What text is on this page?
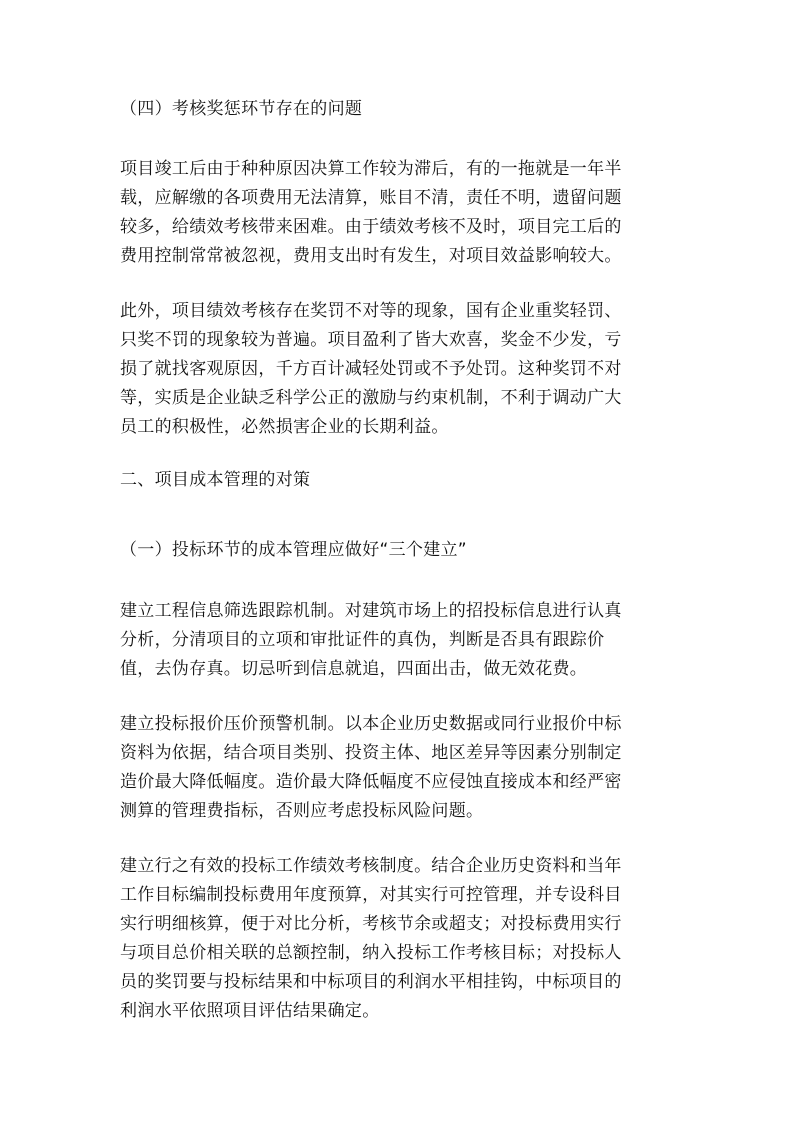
（四）考核奖惩环节存在的问题
项目竣工后由于种种原因决算工作较为滞后，有的一拖就是一年半
载，应解缴的各项费用无法清算，账目不清，责任不明，遗留问题
较多，给绩效考核带来困难。由于绩效考核不及时，项目完工后的
费用控制常常被忽视，费用支出时有发生，对项目效益影响较大。
此外，项目绩效考核存在奖罚不对等的现象，国有企业重奖轻罚、
只奖不罚的现象较为普遍。项目盈利了皆大欢喜，奖金不少发，亏
损了就找客观原因，千方百计减轻处罚或不予处罚。这种奖罚不对
等，实质是企业缺乏科学公正的激励与约束机制，不利于调动广大
员工的积极性，必然损害企业的长期利益。
二、项目成本管理的对策
（一）投标环节的成本管理应做好“三个建立”
建立工程信息筛选跟踪机制。对建筑市场上的招投标信息进行认真
分析，分清项目的立项和审批证件的真伪，判断是否具有跟踪价
值，去伪存真。切忌听到信息就追，四面出击，做无效花费。
建立投标报价压价预警机制。以本企业历史数据或同行业报价中标
资料为依据，结合项目类别、投资主体、地区差异等因素分别制定
造价最大降低幅度。造价最大降低幅度不应侵蚀直接成本和经严密
测算的管理费指标，否则应考虑投标风险问题。
建立行之有效的投标工作绩效考核制度。结合企业历史资料和当年
工作目标编制投标费用年度预算，对其实行可控管理，并专设科目
实行明细核算，便于对比分析，考核节余或超支；对投标费用实行
与项目总价相关联的总额控制，纳入投标工作考核目标；对投标人
员的奖罚要与投标结果和中标项目的利润水平相挂钩，中标项目的
利润水平依照项目评估结果确定。
